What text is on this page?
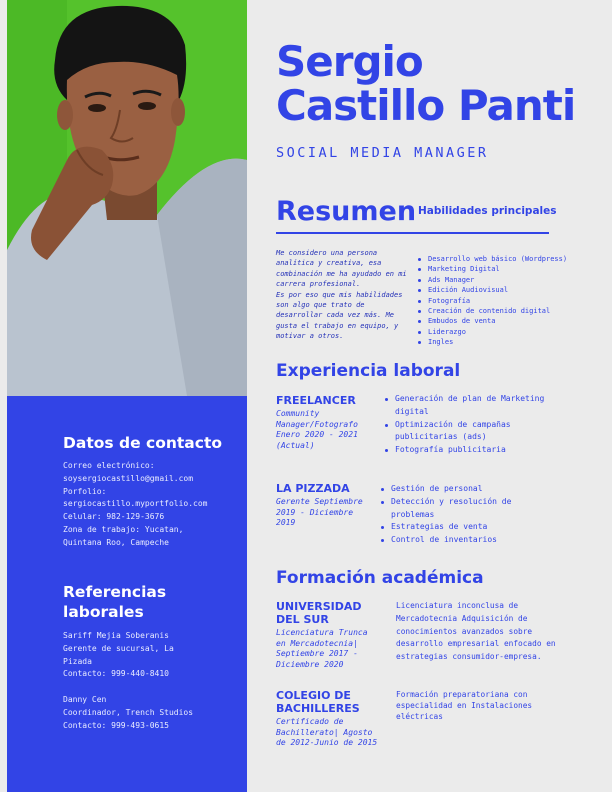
Datos de contacto
Correo electrónico:
soysergiocastillo@gmail.com
Porfolio:
sergiocastillo.myportfolio.com
Celular: 982-129-3676
Zona de trabajo: Yucatan,
Quintana Roo, Campeche
Referencias laborales
Sariff Mejia Soberanis
Gerente de sucursal, La
Pizada
Contacto: 999-440-8410
Danny Cen
Coordinador, Trench Studios
Contacto: 999-493-0615
Sergio
Castillo Panti
SOCIAL MEDIA MANAGER
Resumen Habilidades principales

Me considero una persona analítica y creativa, esa combinación me ha ayudado en mi carrera profesional.

Es por eso que mis habilidades son algo que trato de desarrollar cada vez más. Me gusta el trabajo en equipo, y motivar a otros.

Desarrollo web básico (Wordpress)
Marketing Digital
Ads Manager
Edición Audiovisual
Fotografía
Creación de contenido digital
Embudos de venta
Liderazgo
Ingles
Experiencia laboral
FREELANCER
Community Manager/Fotografo Enero 2020 - 2021 (Actual)
Generación de plan de Marketing digital
Optimización de campañas publicitarias (ads)
Fotografía publicitaria
LA PIZZADA
Gerente Septiembre 2019 - Diciembre 2019
Gestión de personal
Detección y resolución de problemas
Estrategias de venta
Control de inventarios
Formación académica
UNIVERSIDAD DEL SUR
Licenciatura Trunca en Mercadotecnia| Septiembre 2017 - Diciembre 2020
Licenciatura inconclusa de Mercadotecnia Adquisición de conocimientos avanzados sobre desarrollo empresarial enfocado en estrategias consumidor-empresa.
COLEGIO DE BACHILLERES
Certificado de Bachillerato| Agosto de 2012-Junio de 2015
Formación preparatoriana con especialidad en Instalaciones eléctricas
